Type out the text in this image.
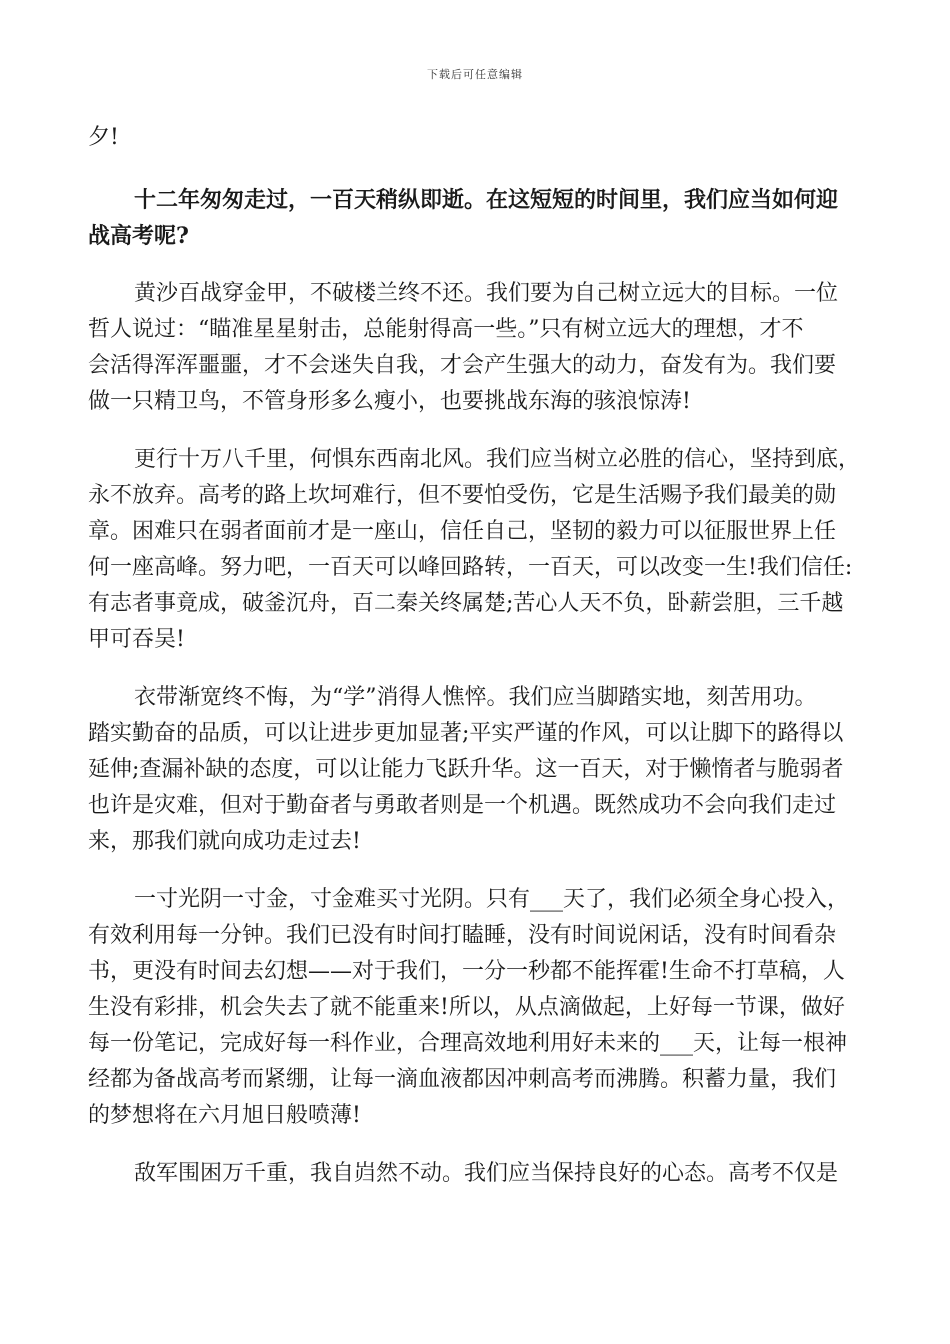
下载后可任意编辑
夕!
十二年匆匆走过，一百天稍纵即逝。在这短短的时间里，我们应当如何迎
战高考呢?
黄沙百战穿金甲，不破楼兰终不还。我们要为自己树立远大的目标。一位
哲人说过：“瞄准星星射击，总能射得高一些。”只有树立远大的理想，才不
会活得浑浑噩噩，才不会迷失自我，才会产生强大的动力，奋发有为。我们要
做一只精卫鸟，不管身形多么瘦小，也要挑战东海的骇浪惊涛!
更行十万八千里，何惧东西南北风。我们应当树立必胜的信心，坚持到底，
永不放弃。高考的路上坎坷难行，但不要怕受伤，它是生活赐予我们最美的勋
章。困难只在弱者面前才是一座山，信任自己，坚韧的毅力可以征服世界上任
何一座高峰。努力吧，一百天可以峰回路转，一百天，可以改变一生!我们信任:
有志者事竟成，破釜沉舟，百二秦关终属楚;苦心人天不负，卧薪尝胆，三千越
甲可吞吴!
衣带渐宽终不悔，为“学”消得人憔悴。我们应当脚踏实地，刻苦用功。
踏实勤奋的品质，可以让进步更加显著;平实严谨的作风，可以让脚下的路得以
延伸;查漏补缺的态度，可以让能力飞跃升华。这一百天，对于懒惰者与脆弱者
也许是灾难，但对于勤奋者与勇敢者则是一个机遇。既然成功不会向我们走过
来，那我们就向成功走过去!
一寸光阴一寸金，寸金难买寸光阴。只有___天了，我们必须全身心投入，
有效利用每一分钟。我们已没有时间打瞌睡，没有时间说闲话，没有时间看杂
书，更没有时间去幻想——对于我们，一分一秒都不能挥霍!生命不打草稿，人
生没有彩排，机会失去了就不能重来!所以，从点滴做起，上好每一节课，做好
每一份笔记，完成好每一科作业，合理高效地利用好未来的___天，让每一根神
经都为备战高考而紧绷，让每一滴血液都因冲刺高考而沸腾。积蓄力量，我们
的梦想将在六月旭日般喷薄!
敌军围困万千重，我自岿然不动。我们应当保持良好的心态。高考不仅是
